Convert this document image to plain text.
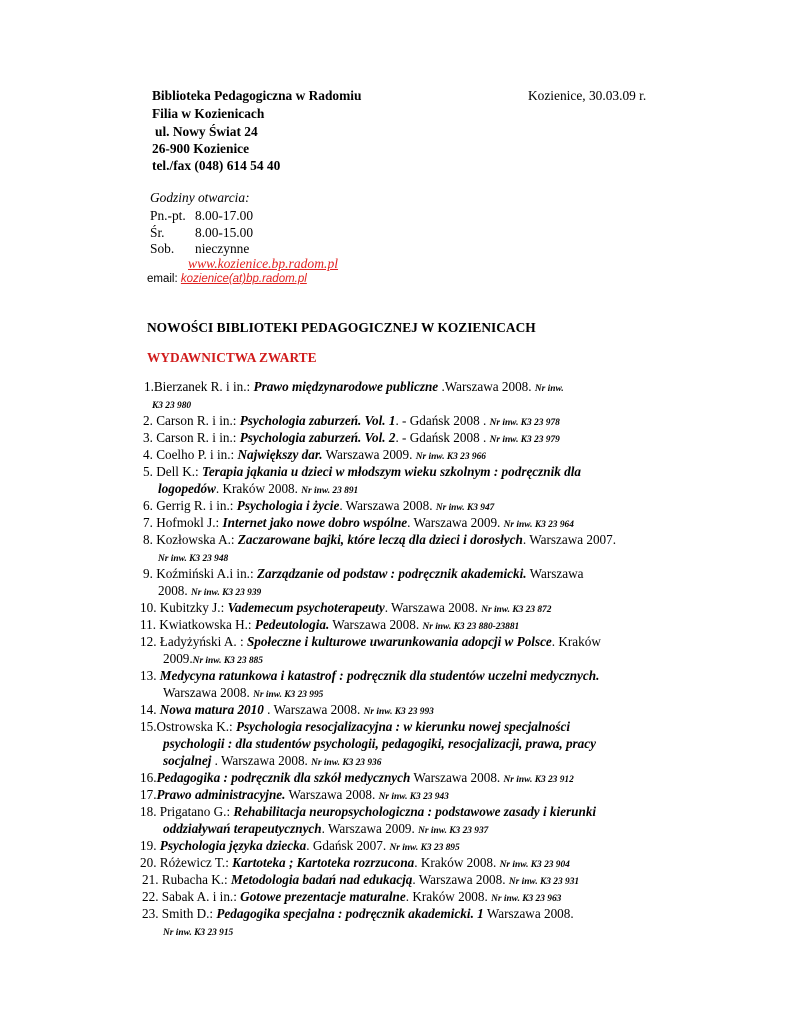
Biblioteka Pedagogiczna w Radomiu
Filia w Kozienicach
ul. Nowy Świat 24
26-900 Kozienice
tel./fax (048) 614 54 40
Kozienice, 30.03.09 r.
Godziny otwarcia:
Pn.-pt. 8.00-17.00
Śr. 8.00-15.00
Sob. nieczynne
www.kozienice.bp.radom.pl
email: kozienice(at)bp.radom.pl
NOWOŚCI BIBLIOTEKI PEDAGOGICZNEJ W KOZIENICACH
WYDAWNICTWA ZWARTE
1.Bierzanek R. i in.: Prawo międzynarodowe publiczne .Warszawa 2008. Nr inw.
K3 23 980
2. Carson R. i in.: Psychologia zaburzeń. Vol. 1. - Gdańsk 2008 . Nr inw. K3 23 978
3. Carson R. i in.: Psychologia zaburzeń. Vol. 2. - Gdańsk 2008 . Nr inw. K3 23 979
4. Coelho P. i in.: Największy dar. Warszawa 2009. Nr inw. K3 23 966
5. Dell K.: Terapia jąkania u dzieci w młodszym wieku szkolnym : podręcznik dla
logopedów. Kraków 2008. Nr inw. 23 891
6. Gerrig R. i in.: Psychologia i życie. Warszawa 2008. Nr inw. K3 947
7. Hofmokl J.: Internet jako nowe dobro wspólne. Warszawa 2009. Nr inw. K3 23 964
8. Kozłowska A.: Zaczarowane bajki, które leczą dla dzieci i dorosłych. Warszawa 2007.
Nr inw. K3 23 948
9. Koźmiński A.i in.: Zarządzanie od podstaw : podręcznik akademicki. Warszawa
2008. Nr inw. K3 23 939
10. Kubitzky J.: Vademecum psychoterapeuty. Warszawa 2008. Nr inw. K3 23 872
11. Kwiatkowska H.: Pedeutologia. Warszawa 2008. Nr inw. K3 23 880-23881
12. Ładyżyński A. : Społeczne i kulturowe uwarunkowania adopcji w Polsce. Kraków
2009.Nr inw. K3 23 885
13. Medycyna ratunkowa i katastrof : podręcznik dla studentów uczelni medycznych.
Warszawa 2008. Nr inw. K3 23 995
14. Nowa matura 2010 . Warszawa 2008. Nr inw. K3 23 993
15.Ostrowska K.: Psychologia resocjalizacyjna : w kierunku nowej specjalności
psychologii : dla studentów psychologii, pedagogiki, resocjalizacji, prawa, pracy
socjalnej . Warszawa 2008. Nr inw. K3 23 936
16.Pedagogika : podręcznik dla szkół medycznych Warszawa 2008. Nr inw. K3 23 912
17.Prawo administracyjne. Warszawa 2008. Nr inw. K3 23 943
18. Prigatano G.: Rehabilitacja neuropsychologiczna : podstawowe zasady i kierunki
oddziaływań terapeutycznych. Warszawa 2009. Nr inw. K3 23 937
19. Psychologia języka dziecka. Gdańsk 2007. Nr inw. K3 23 895
20. Różewicz T.: Kartoteka ; Kartoteka rozrzucona. Kraków 2008. Nr inw. K3 23 904
21. Rubacha K.: Metodologia badań nad edukacją. Warszawa 2008. Nr inw. K3 23 931
22. Sabak A. i in.: Gotowe prezentacje maturalne. Kraków 2008. Nr inw. K3 23 963
23. Smith D.: Pedagogika specjalna : podręcznik akademicki. 1 Warszawa 2008.
Nr inw. K3 23 915
